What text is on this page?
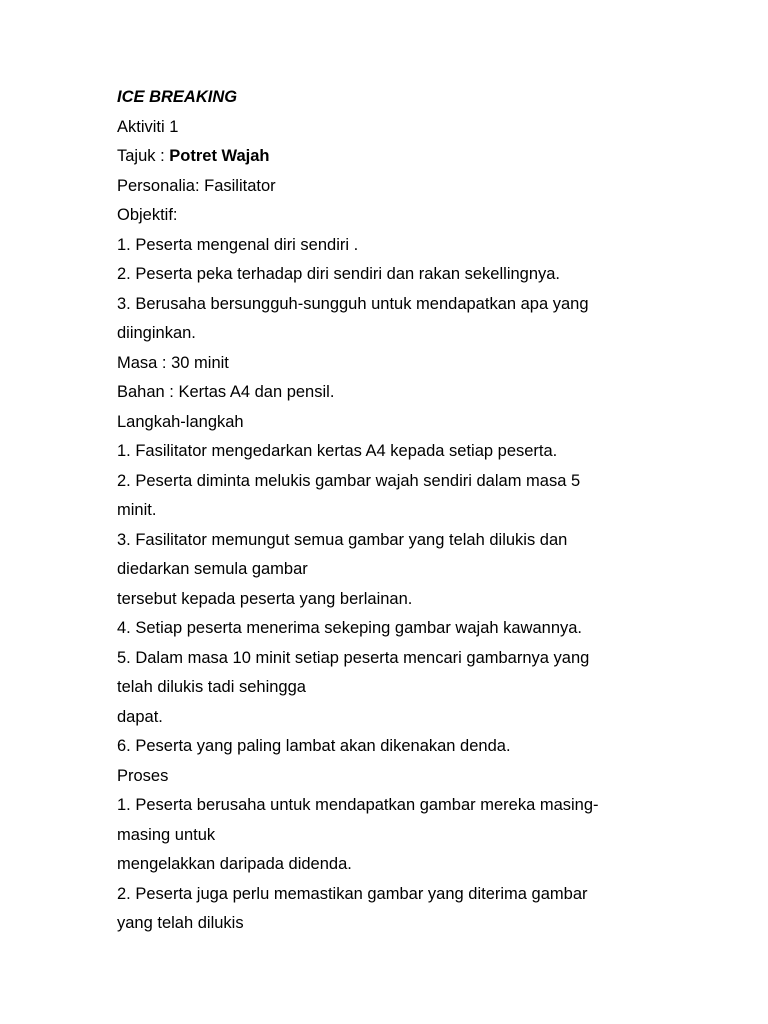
ICE BREAKING

Aktiviti 1

Tajuk : Potret Wajah

Personalia: Fasilitator

Objektif:

1. Peserta mengenal diri sendiri .

2. Peserta peka terhadap diri sendiri dan rakan sekellingnya.

3. Berusaha bersungguh-sungguh untuk mendapatkan apa yang

diinginkan.

Masa : 30 minit

Bahan : Kertas A4 dan pensil.

Langkah-langkah

1. Fasilitator mengedarkan kertas A4 kepada setiap peserta.

2. Peserta diminta melukis gambar wajah sendiri dalam masa 5

minit.

3. Fasilitator memungut semua gambar yang telah dilukis dan

diedarkan semula gambar

tersebut kepada peserta yang berlainan.

4. Setiap peserta menerima sekeping gambar wajah kawannya.

5. Dalam masa 10 minit setiap peserta mencari gambarnya yang

telah dilukis tadi sehingga

dapat.

6. Peserta yang paling lambat akan dikenakan denda.

Proses

1. Peserta berusaha untuk mendapatkan gambar mereka masing-

masing untuk

mengelakkan daripada didenda.

2. Peserta juga perlu memastikan gambar yang diterima gambar

yang telah dilukis
